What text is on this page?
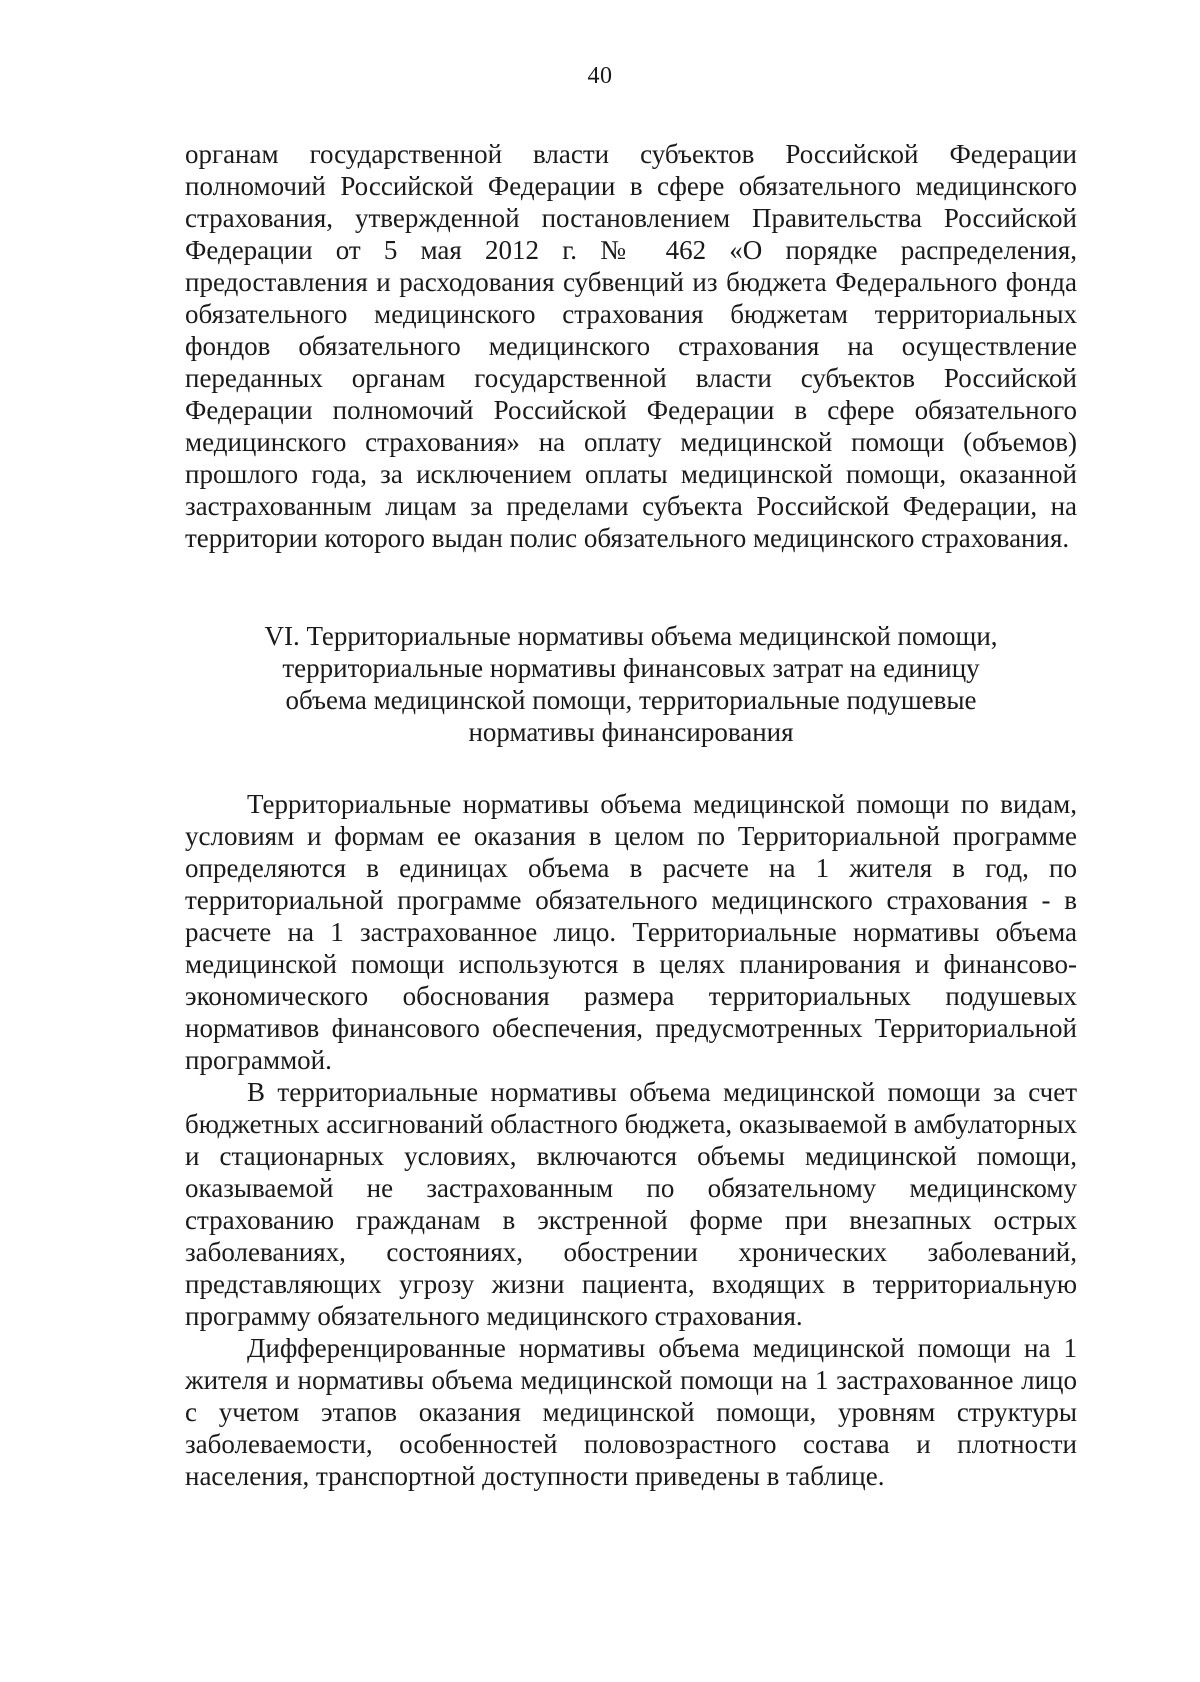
40

органам государственной власти субъектов Российской Федерации полномочий Российской Федерации в сфере обязательного медицинского страхования, утвержденной постановлением Правительства Российской Федерации от 5 мая 2012 г. № 462 «О порядке распределения, предоставления и расходования субвенций из бюджета Федерального фонда обязательного медицинского страхования бюджетам территориальных фондов обязательного медицинского страхования на осуществление переданных органам государственной власти субъектов Российской Федерации полномочий Российской Федерации в сфере обязательного медицинского страхования» на оплату медицинской помощи (объемов) прошлого года, за исключением оплаты медицинской помощи, оказанной застрахованным лицам за пределами субъекта Российской Федерации, на территории которого выдан полис обязательного медицинского страхования.

VI. Территориальные нормативы объема медицинской помощи,
территориальные нормативы финансовых затрат на единицу
объема медицинской помощи, территориальные подушевые
нормативы финансирования

Территориальные нормативы объема медицинской помощи по видам, условиям и формам ее оказания в целом по Территориальной программе определяются в единицах объема в расчете на 1 жителя в год, по территориальной программе обязательного медицинского страхования - в расчете на 1 застрахованное лицо. Территориальные нормативы объема медицинской помощи используются в целях планирования и финансово-экономического обоснования размера территориальных подушевых нормативов финансового обеспечения, предусмотренных Территориальной программой.

В территориальные нормативы объема медицинской помощи за счет бюджетных ассигнований областного бюджета, оказываемой в амбулаторных и стационарных условиях, включаются объемы медицинской помощи, оказываемой не застрахованным по обязательному медицинскому страхованию гражданам в экстренной форме при внезапных острых заболеваниях, состояниях, обострении хронических заболеваний, представляющих угрозу жизни пациента, входящих в территориальную программу обязательного медицинского страхования.

Дифференцированные нормативы объема медицинской помощи на 1 жителя и нормативы объема медицинской помощи на 1 застрахованное лицо с учетом этапов оказания медицинской помощи, уровням структуры заболеваемости, особенностей половозрастного состава и плотности населения, транспортной доступности приведены в таблице.
